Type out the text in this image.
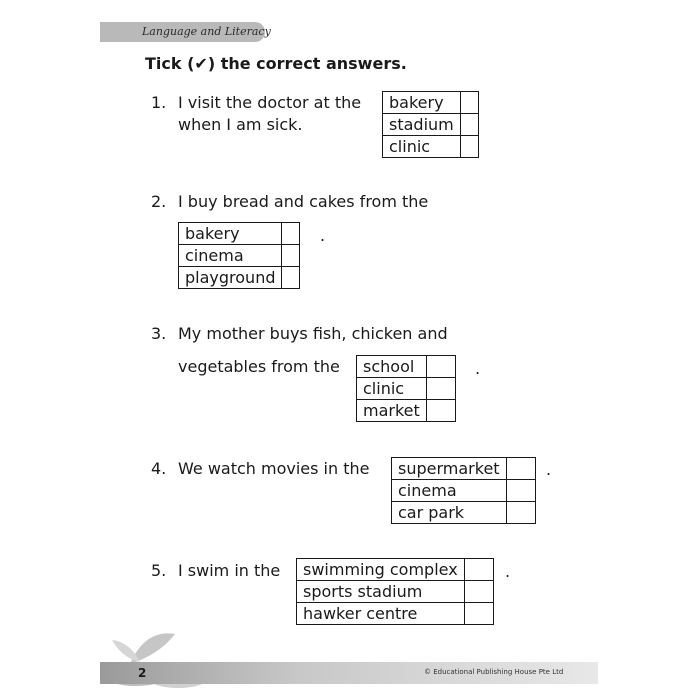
Language and Literacy
Tick (✔) the correct answers.
1. I visit the doctor at the
when I am sick.
bakery	
stadium	
clinic	
2. I buy bread and cakes from the
bakery	
cinema	
playground	
.
3. My mother buys fish, chicken and
vegetables from the school	
clinic	
market	
.
4. We watch movies in the supermarket	
cinema	
car park	
.
5. I swim in the swimming complex	
sports stadium	
hawker centre	
.
2	© Educational Publishing House Pte Ltd
